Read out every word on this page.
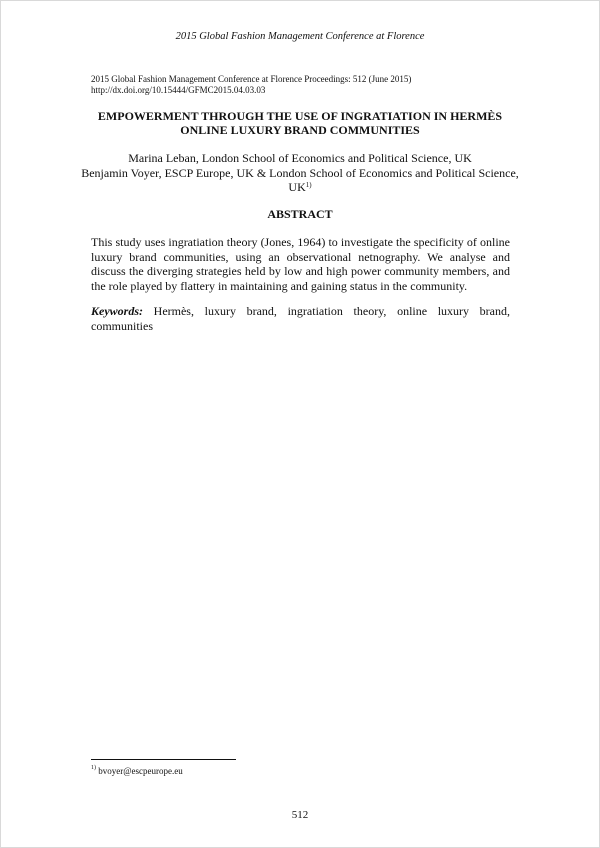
2015 Global Fashion Management Conference at Florence
2015 Global Fashion Management Conference at Florence Proceedings: 512 (June 2015)
http://dx.doi.org/10.15444/GFMC2015.04.03.03
EMPOWERMENT THROUGH THE USE OF INGRATIATION IN HERMÈS
ONLINE LUXURY BRAND COMMUNITIES
Marina Leban, London School of Economics and Political Science, UK
Benjamin Voyer, ESCP Europe, UK & London School of Economics and Political Science, UK$^{1)}$
ABSTRACT

This study uses ingratiation theory (Jones, 1964) to investigate the specificity of online luxury brand communities, using an observational netnography. We analyse and discuss the diverging strategies held by low and high power community members, and the role played by flattery in maintaining and gaining status in the community.

Keywords: Hermès, luxury brand, ingratiation theory, online luxury brand, communities

$^{1)}$ bvoyer@escpeurope.eu
512
